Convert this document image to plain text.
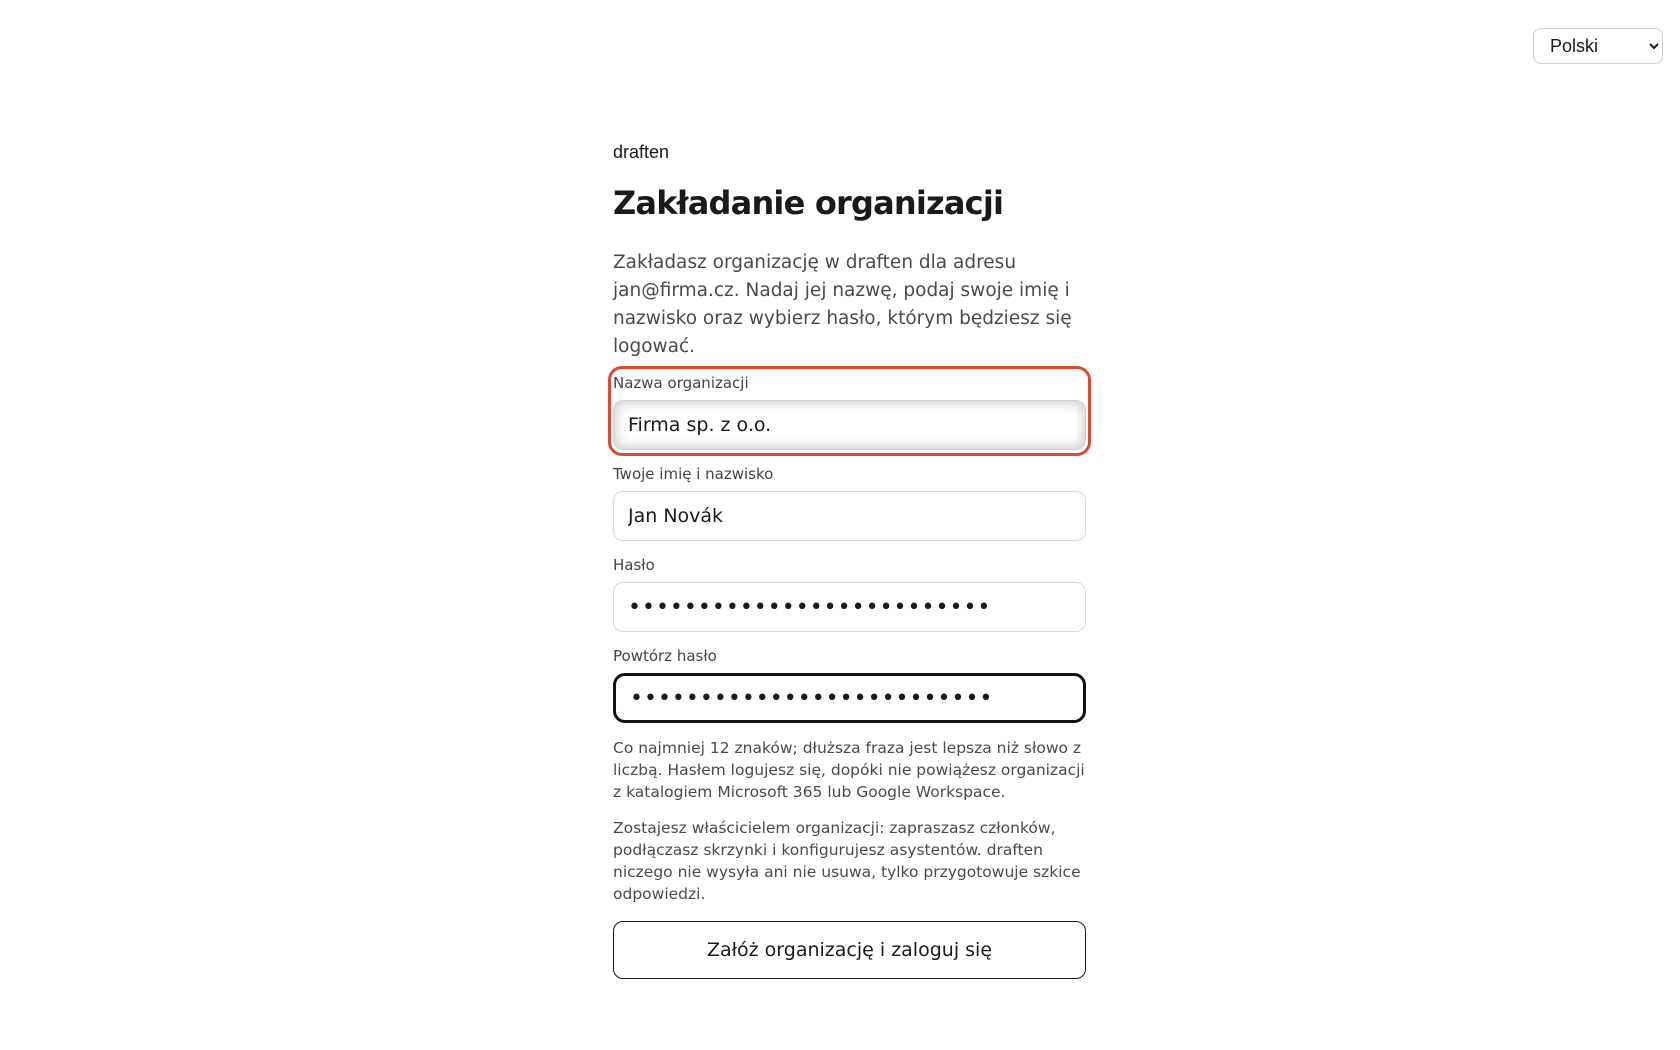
Polski
draften
Zakładanie organizacji

Zakładasz organizację w draften dla adresu jan@firma.cz. Nadaj jej nazwę, podaj swoje imię i nazwisko oraz wybierz hasło, którym będziesz się logować.

Nazwa organizacji
Firma sp. z o.o.
Twoje imię i nazwisko
Jan Novák
Hasło
••••••••••••••••••••••••••
Powtórz hasło
••••••••••••••••••••••••••

Co najmniej 12 znaków; dłuższa fraza jest lepsza niż słowo z liczbą. Hasłem logujesz się, dopóki nie powiążesz organizacji z katalogiem Microsoft 365 lub Google Workspace.

Zostajesz właścicielem organizacji: zapraszasz członków, podłączasz skrzynki i konfigurujesz asystentów. draften niczego nie wysyła ani nie usuwa, tylko przygotowuje szkice odpowiedzi.

Załóż organizację i zaloguj się
